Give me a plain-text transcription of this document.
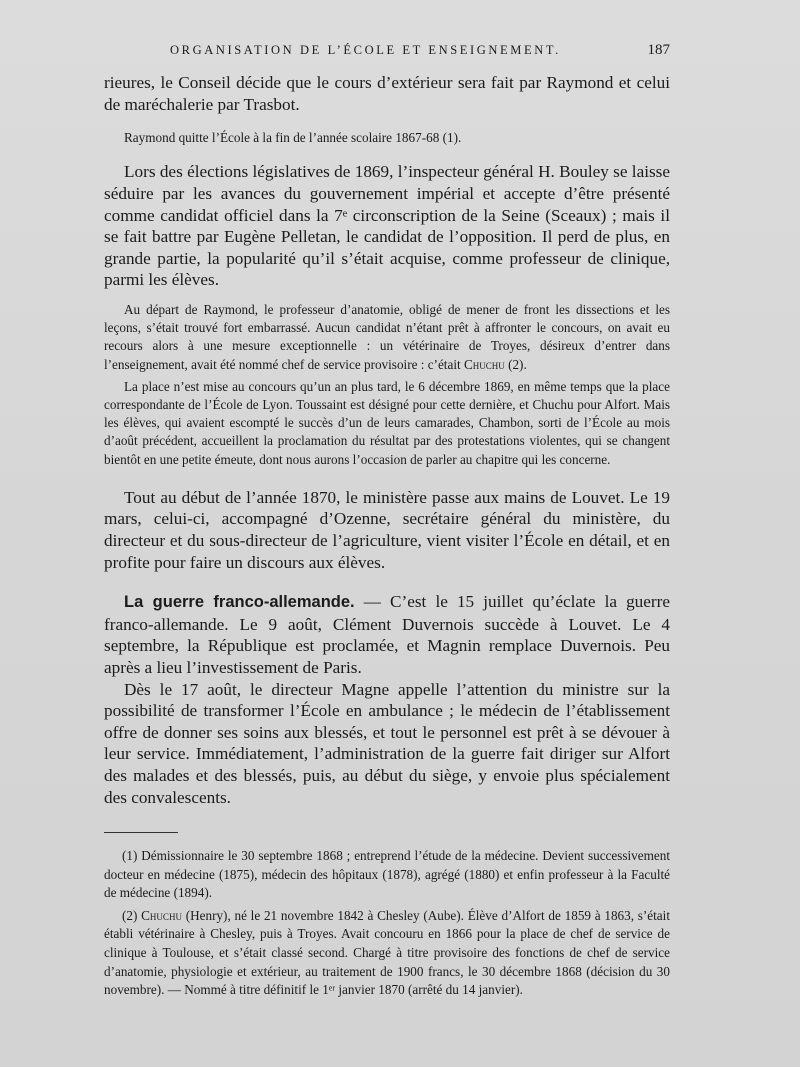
ORGANISATION DE L’ÉCOLE ET ENSEIGNEMENT.	187

rieures, le Conseil décide que le cours d’extérieur sera fait par Raymond et celui de maréchalerie par Trasbot.

Raymond quitte l’École à la fin de l’année scolaire 1867-68 (1).

Lors des élections législatives de 1869, l’inspecteur général H. Bouley se laisse séduire par les avances du gouvernement impérial et accepte d’être présenté comme candidat officiel dans la 7ᵉ circonscription de la Seine (Sceaux) ; mais il se fait battre par Eugène Pelletan, le candidat de l’opposition. Il perd de plus, en grande partie, la popularité qu’il s’était acquise, comme professeur de clinique, parmi les élèves.

Au départ de Raymond, le professeur d’anatomie, obligé de mener de front les dissections et les leçons, s’était trouvé fort embarrassé. Aucun candidat n’étant prêt à affronter le concours, on avait eu recours alors à une mesure exceptionnelle : un vétérinaire de Troyes, désireux d’entrer dans l’enseignement, avait été nommé chef de service provisoire : c’était Chuchu (2).

La place n’est mise au concours qu’un an plus tard, le 6 décembre 1869, en même temps que la place correspondante de l’École de Lyon. Toussaint est désigné pour cette dernière, et Chuchu pour Alfort. Mais les élèves, qui avaient escompté le succès d’un de leurs camarades, Chambon, sorti de l’École au mois d’août précédent, accueillent la proclamation du résultat par des protestations violentes, qui se changent bientôt en une petite émeute, dont nous aurons l’occasion de parler au chapitre qui les concerne.

Tout au début de l’année 1870, le ministère passe aux mains de Louvet. Le 19 mars, celui-ci, accompagné d’Ozenne, secrétaire général du ministère, du directeur et du sous-directeur de l’agriculture, vient visiter l’École en détail, et en profite pour faire un discours aux élèves.

La guerre franco-allemande. — C’est le 15 juillet qu’éclate la guerre franco-allemande. Le 9 août, Clément Duvernois succède à Louvet. Le 4 septembre, la République est proclamée, et Magnin remplace Duvernois. Peu après a lieu l’investissement de Paris.

Dès le 17 août, le directeur Magne appelle l’attention du ministre sur la possibilité de transformer l’École en ambulance ; le médecin de l’établissement offre de donner ses soins aux blessés, et tout le personnel est prêt à se dévouer à leur service. Immédiatement, l’administration de la guerre fait diriger sur Alfort des malades et des blessés, puis, au début du siège, y envoie plus spécialement des convalescents.

(1) Démissionnaire le 30 septembre 1868 ; entreprend l’étude de la médecine. Devient successivement docteur en médecine (1875), médecin des hôpitaux (1878), agrégé (1880) et enfin professeur à la Faculté de médecine (1894).

(2) Chuchu (Henry), né le 21 novembre 1842 à Chesley (Aube). Élève d’Alfort de 1859 à 1863, s’était établi vétérinaire à Chesley, puis à Troyes. Avait concouru en 1866 pour la place de chef de service de clinique à Toulouse, et s’était classé second. Chargé à titre provisoire des fonctions de chef de service d’anatomie, physiologie et extérieur, au traitement de 1900 francs, le 30 décembre 1868 (décision du 30 novembre). — Nommé à titre définitif le 1ᵉʳ janvier 1870 (arrêté du 14 janvier).
